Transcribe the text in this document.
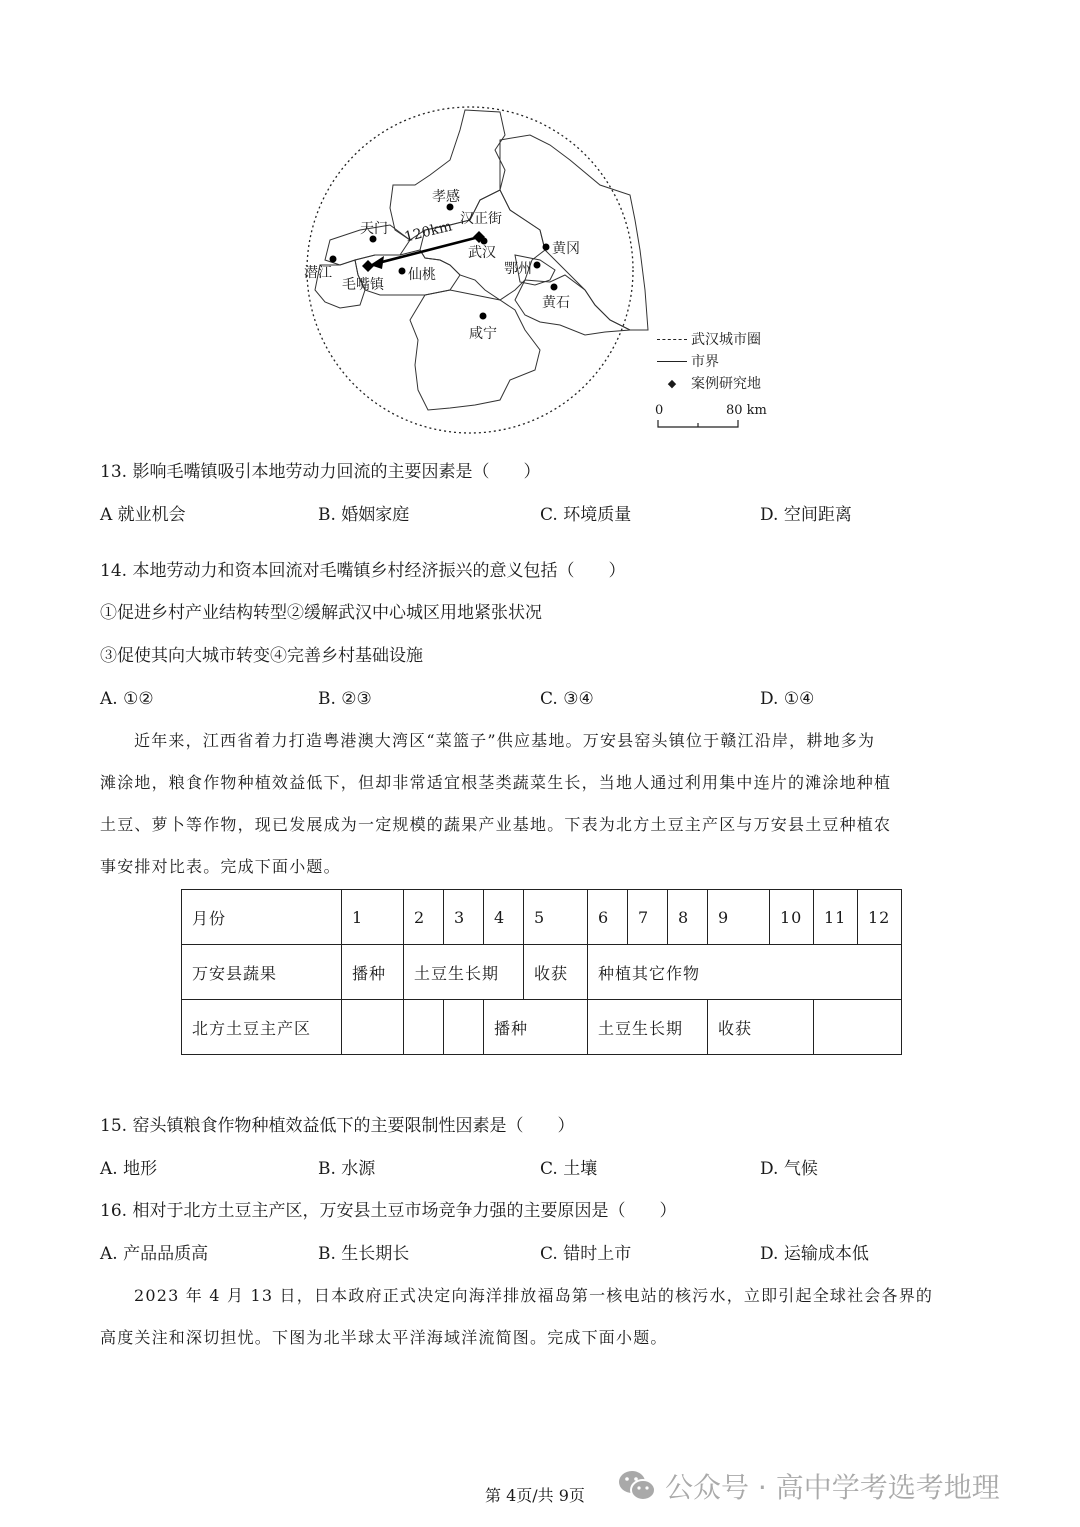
孝感
汉正街
天门
武汉	黄冈
潜江
毛嘴镇
仙桃	鄂州
黄石
咸宁
120km
武汉城市圈
市界
◆	案例研究地
0	80 km
13. 影响毛嘴镇吸引本地劳动力回流的主要因素是（　　）
A 就业机会	B. 婚姻家庭	C. 环境质量	D. 空间距离
14. 本地劳动力和资本回流对毛嘴镇乡村经济振兴的意义包括（　　）
①促进乡村产业结构转型②缓解武汉中心城区用地紧张状况
③促使其向大城市转变④完善乡村基础设施
A. ①②	B. ②③	C. ③④	D. ①④
近年来，江西省着力打造粤港澳大湾区“菜篮子”供应基地。万安县窑头镇位于赣江沿岸，耕地多为
滩涂地，粮食作物种植效益低下，但却非常适宜根茎类蔬菜生长，当地人通过利用集中连片的滩涂地种植
土豆、萝卜等作物，现已发展成为一定规模的蔬果产业基地。下表为北方土豆主产区与万安县土豆种植农
事安排对比表。完成下面小题。
月份	1	2	3	4	5	6	7	8	9	10	11	12
万安县蔬果	播种	土豆生长期			收获	种植其它作物						
北方土豆主产区				播种		土豆生长期			收获			
15. 窑头镇粮食作物种植效益低下的主要限制性因素是（　　）
A. 地形	B. 水源	C. 土壤	D. 气候
16. 相对于北方土豆主产区，万安县土豆市场竞争力强的主要原因是（　　）
A. 产品品质高	B. 生长期长	C. 错时上市	D. 运输成本低
2023 年 4 月 13 日，日本政府正式决定向海洋排放福岛第一核电站的核污水，立即引起全球社会各界的
高度关注和深切担忧。下图为北半球太平洋海域洋流简图。完成下面小题。
第 4页/共 9页	公众号 · 高中学考选考地理
